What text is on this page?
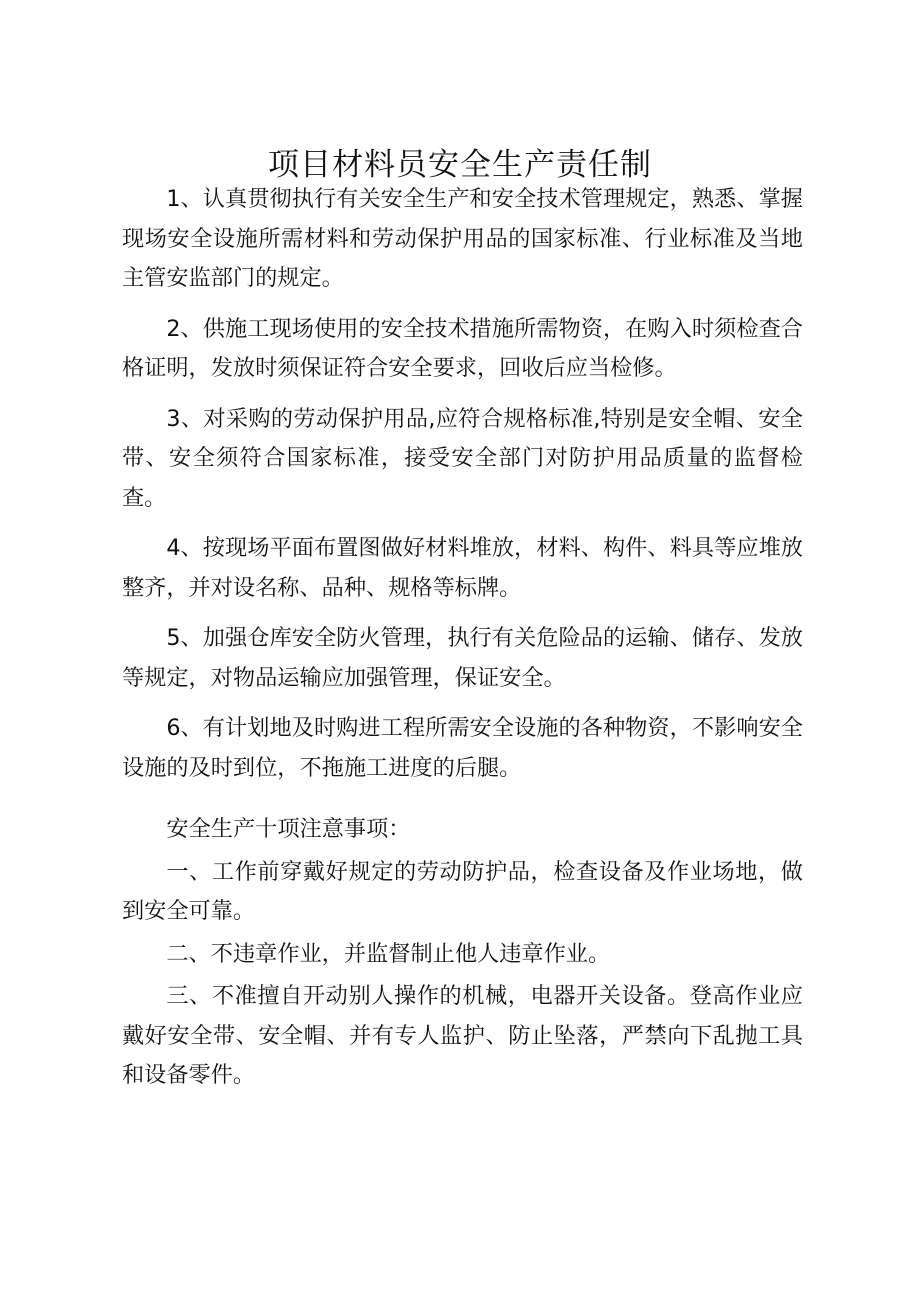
项目材料员安全生产责任制

1、认真贯彻执行有关安全生产和安全技术管理规定，熟悉、掌握现场安全设施所需材料和劳动保护用品的国家标准、行业标准及当地主管安监部门的规定。

2、供施工现场使用的安全技术措施所需物资，在购入时须检查合格证明，发放时须保证符合安全要求，回收后应当检修。

3、对采购的劳动保护用品,应符合规格标准,特别是安全帽、安全带、安全须符合国家标准，接受安全部门对防护用品质量的监督检查。

4、按现场平面布置图做好材料堆放，材料、构件、料具等应堆放整齐，并对设名称、品种、规格等标牌。

5、加强仓库安全防火管理，执行有关危险品的运输、储存、发放等规定，对物品运输应加强管理，保证安全。

6、有计划地及时购进工程所需安全设施的各种物资，不影响安全设施的及时到位，不拖施工进度的后腿。

安全生产十项注意事项：

一、工作前穿戴好规定的劳动防护品，检查设备及作业场地，做到安全可靠。

二、不违章作业，并监督制止他人违章作业。

三、不准擅自开动别人操作的机械，电器开关设备。登高作业应戴好安全带、安全帽、并有专人监护、防止坠落，严禁向下乱抛工具和设备零件。
